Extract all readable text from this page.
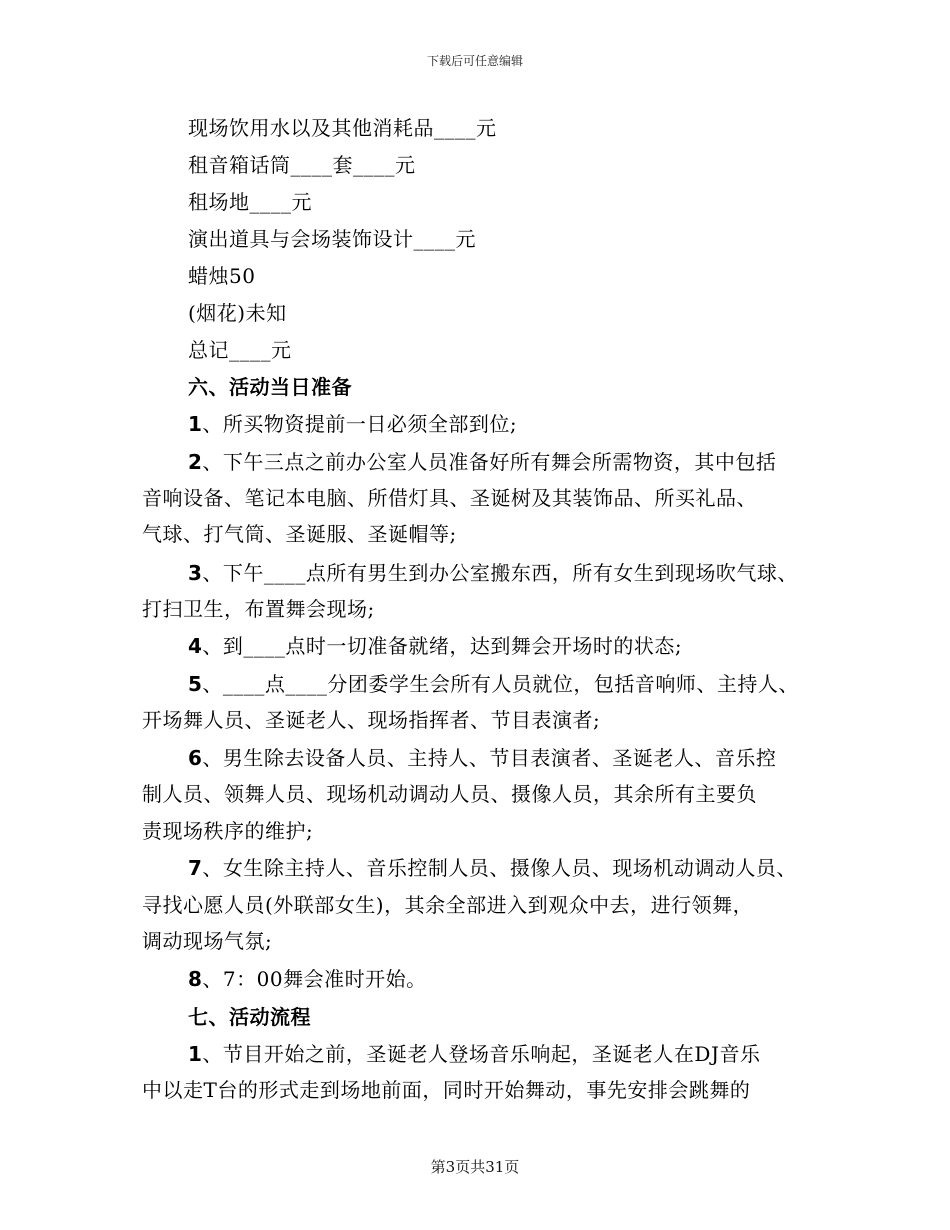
下载后可任意编辑
现场饮用水以及其他消耗品____元
租音箱话筒____套____元
租场地____元
演出道具与会场装饰设计____元
蜡烛50
(烟花)未知
总记____元
六、活动当日准备
1、所买物资提前一日必须全部到位;
2、下午三点之前办公室人员准备好所有舞会所需物资，其中包括
音响设备、笔记本电脑、所借灯具、圣诞树及其装饰品、所买礼品、
气球、打气筒、圣诞服、圣诞帽等;
3、下午____点所有男生到办公室搬东西，所有女生到现场吹气球、
打扫卫生，布置舞会现场;
4、到____点时一切准备就绪，达到舞会开场时的状态;
5、____点____分团委学生会所有人员就位，包括音响师、主持人、
开场舞人员、圣诞老人、现场指挥者、节目表演者;
6、男生除去设备人员、主持人、节目表演者、圣诞老人、音乐控
制人员、领舞人员、现场机动调动人员、摄像人员，其余所有主要负
责现场秩序的维护;
7、女生除主持人、音乐控制人员、摄像人员、现场机动调动人员、
寻找心愿人员(外联部女生)，其余全部进入到观众中去，进行领舞，
调动现场气氛;
8、7：00舞会准时开始。
七、活动流程
1、节目开始之前，圣诞老人登场音乐响起，圣诞老人在DJ音乐
中以走T台的形式走到场地前面，同时开始舞动，事先安排会跳舞的
第3页共31页
